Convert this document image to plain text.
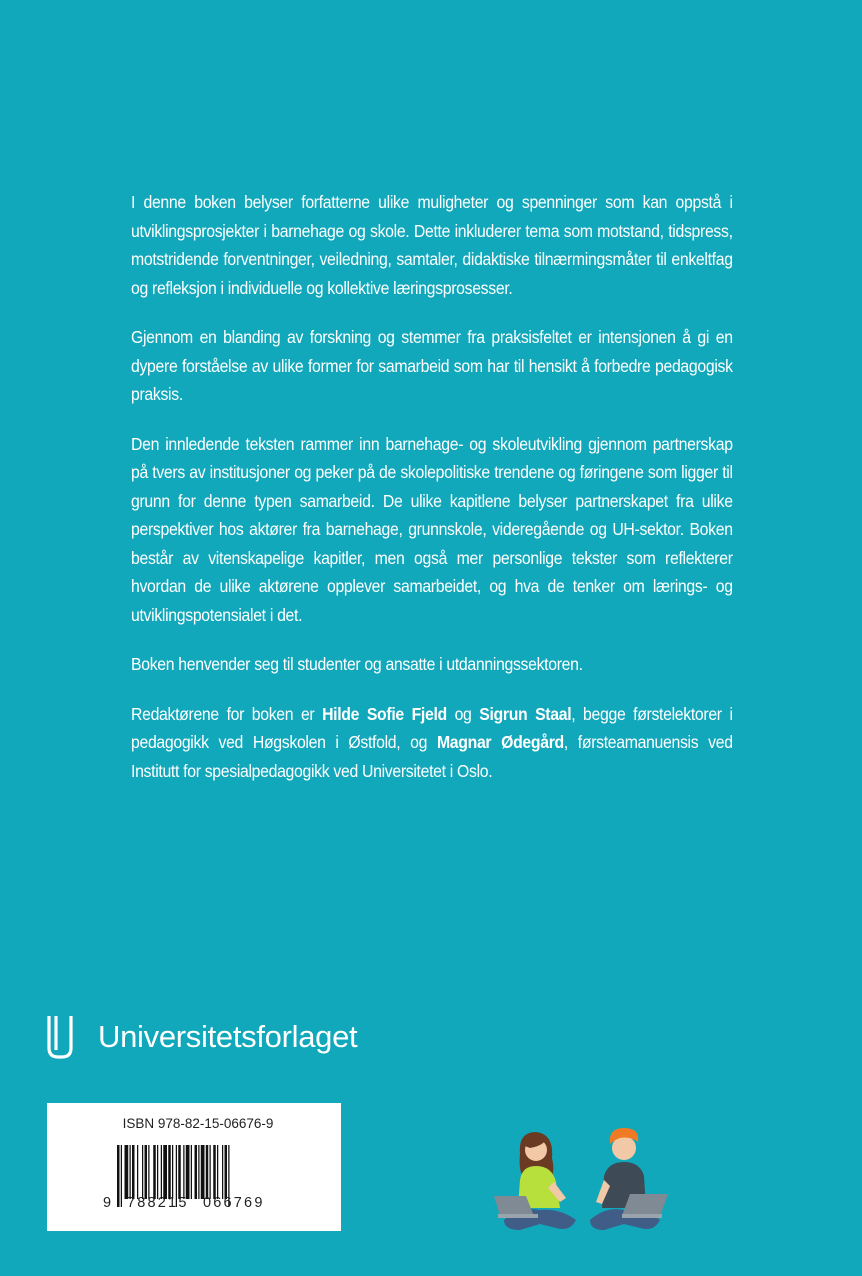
I denne boken belyser forfatterne ulike muligheter og spenninger som kan oppstå i utviklingsprosjekter i barnehage og skole. Dette inkluderer tema som motstand, tidspress, motstridende forventninger, veiledning, samtaler, didaktiske tilnærmingsmåter til enkeltfag og refleksjon i individuelle og kollektive læringsprosesser.

Gjennom en blanding av forskning og stemmer fra praksisfeltet er intensjonen å gi en dypere forståelse av ulike former for samarbeid som har til hensikt å forbedre pedagogisk praksis.

Den innledende teksten rammer inn barnehage- og skoleutvikling gjennom partnerskap på tvers av institusjoner og peker på de skolepolitiske trendene og føringene som ligger til grunn for denne typen samarbeid. De ulike kapitlene belyser partnerskapet fra ulike perspektiver hos aktører fra barnehage, grunnskole, videregående og UH-sektor. Boken består av vitenskapelige kapitler, men også mer personlige tekster som reflekterer hvordan de ulike aktørene opplever samarbeidet, og hva de tenker om lærings- og utviklingspotensialet i det.

Boken henvender seg til studenter og ansatte i utdanningssektoren.

Redaktørene for boken er Hilde Sofie Fjeld og Sigrun Staal, begge førstelektorer i pedagogikk ved Høgskolen i Østfold, og Magnar Ødegård, førsteamanuensis ved Institutt for spesialpedagogikk ved Universitetet i Oslo.

Universitetsforlaget
ISBN 978-82-15-06676-9
9 788215 066769
